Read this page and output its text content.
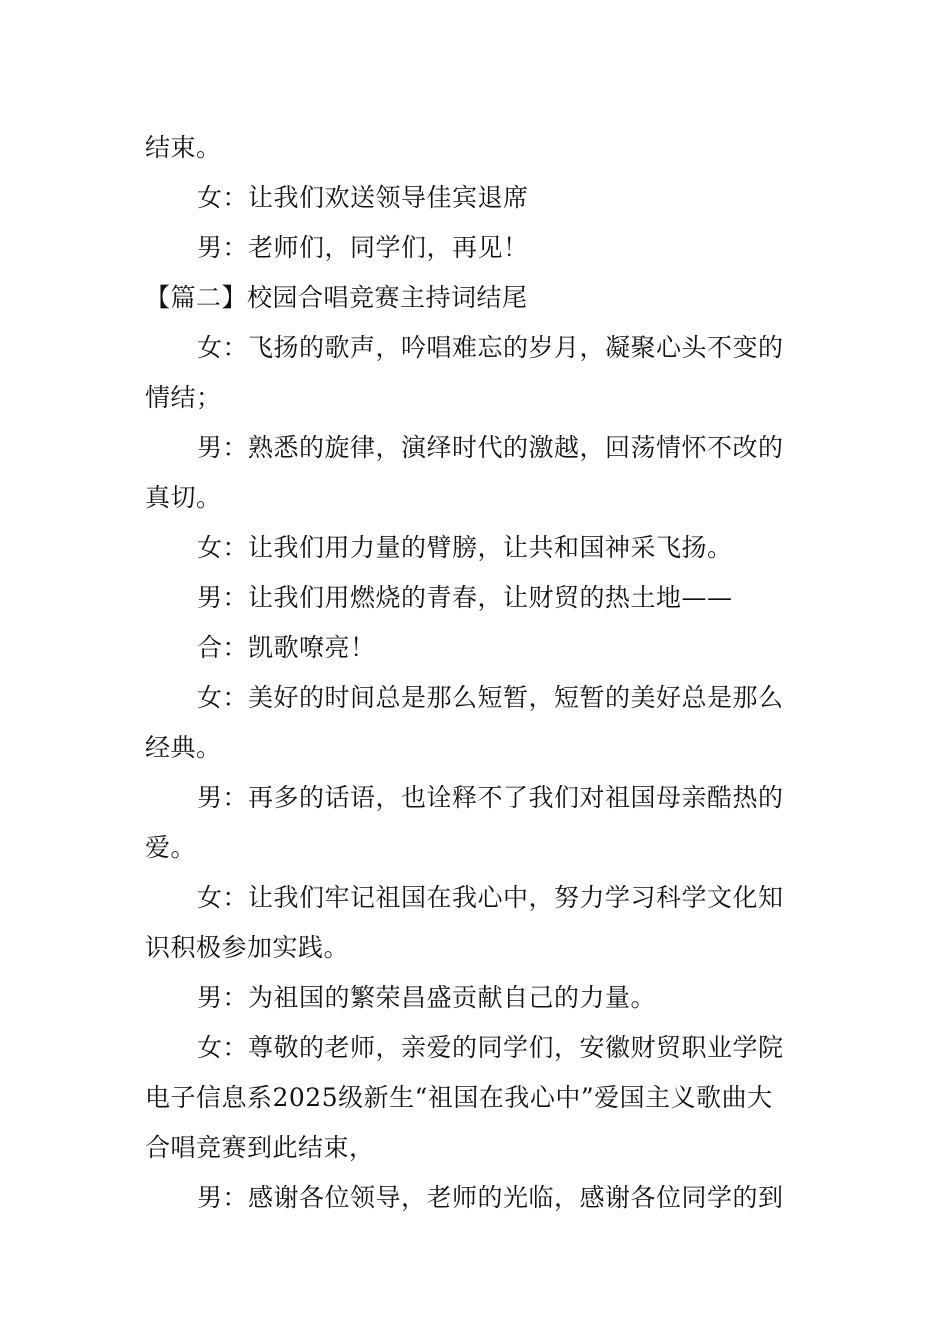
结束。
女：让我们欢送领导佳宾退席
男：老师们，同学们，再见！
【篇二】校园合唱竞赛主持词结尾
女：飞扬的歌声，吟唱难忘的岁月，凝聚心头不变的
情结；
男：熟悉的旋律，演绎时代的激越，回荡情怀不改的
真切。
女：让我们用力量的臂膀，让共和国神采飞扬。
男：让我们用燃烧的青春，让财贸的热土地——
合：凯歌嘹亮！
女：美好的时间总是那么短暂，短暂的美好总是那么
经典。
男：再多的话语，也诠释不了我们对祖国母亲酷热的
爱。
女：让我们牢记祖国在我心中，努力学习科学文化知
识积极参加实践。
男：为祖国的繁荣昌盛贡献自己的力量。
女：尊敬的老师，亲爱的同学们，安徽财贸职业学院
电子信息系2025级新生“祖国在我心中”爱国主义歌曲大
合唱竞赛到此结束，
男：感谢各位领导，老师的光临，感谢各位同学的到
